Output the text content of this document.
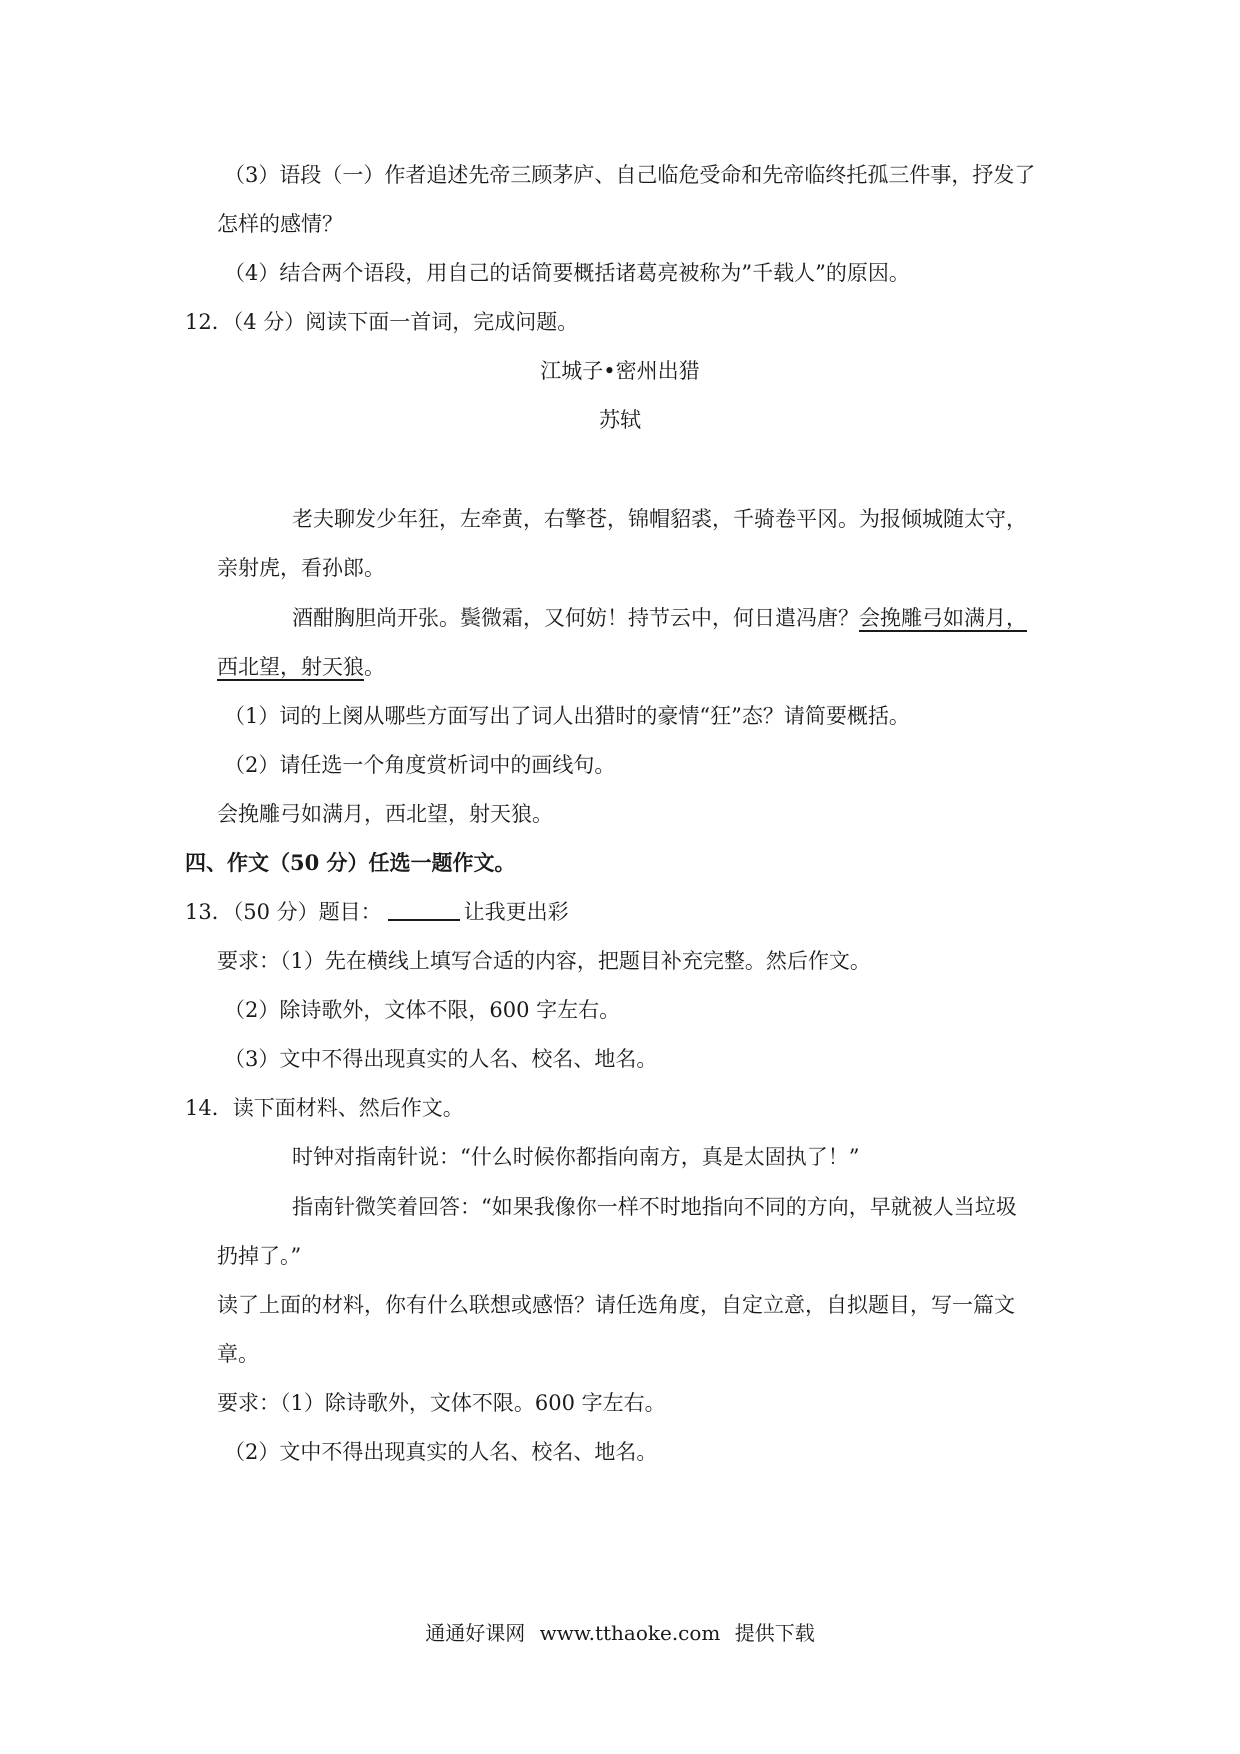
（3）语段（一）作者追述先帝三顾茅庐、自己临危受命和先帝临终托孤三件事，抒发了
怎样的感情？
（4）结合两个语段，用自己的话简要概括诸葛亮被称为”千载人”的原因。
12．（4 分）阅读下面一首词，完成问题。
江城子•密州出猎
苏轼
老夫聊发少年狂，左牵黄，右擎苍，锦帽貂裘，千骑卷平冈。为报倾城随太守，
亲射虎，看孙郎。
酒酣胸胆尚开张。鬓微霜，又何妨！持节云中，何日遣冯唐？会挽雕弓如满月，
西北望，射天狼。
（1）词的上阕从哪些方面写出了词人出猎时的豪情“狂”态？请简要概括。
（2）请任选一个角度赏析词中的画线句。
会挽雕弓如满月，西北望，射天狼。
四、作文（50 分）任选一题作文。
13．（50 分）题目：	让我更出彩
要求：（1）先在横线上填写合适的内容，把题目补充完整。然后作文。
（2）除诗歌外，文体不限，600 字左右。
（3）文中不得出现真实的人名、校名、地名。
14．读下面材料、然后作文。
时钟对指南针说：“什么时候你都指向南方，真是太固执了！”
指南针微笑着回答：“如果我像你一样不时地指向不同的方向，早就被人当垃圾
扔掉了。”
读了上面的材料，你有什么联想或感悟？请任选角度，自定立意，自拟题目，写一篇文
章。
要求：（1）除诗歌外，文体不限。600 字左右。
（2）文中不得出现真实的人名、校名、地名。
通通好课网 www.tthaoke.com 提供下载
